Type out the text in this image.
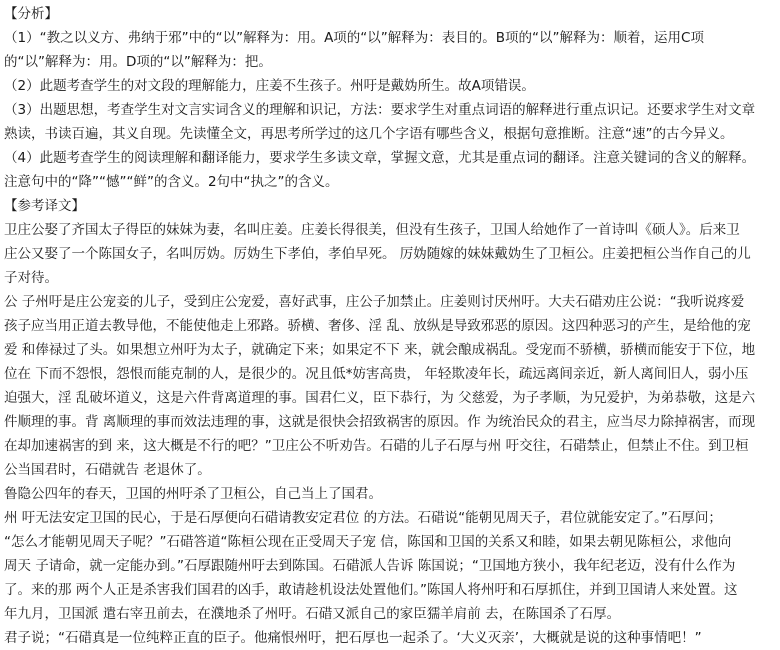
【分析】
（1）“教之以义方、弗纳于邪”中的“以”解释为：用。A项的“以”解释为：表目的。B项的“以”解释为：顺着，运用C项
的“以”解释为：用。D项的“以”解释为：把。
（2）此题考查学生的对文段的理解能力，庄姜不生孩子。州吁是戴妫所生。故A项错误。
（3）出题思想，考查学生对文言实词含义的理解和识记，方法：要求学生对重点词语的解释进行重点识记。还要求学生对文章
熟读，书读百遍，其义自现。先读懂全文，再思考所学过的这几个字语有哪些含义，根据句意推断。注意“速”的古今异义。
（4）此题考查学生的阅读理解和翻译能力，要求学生多读文章，掌握文意，尤其是重点词的翻译。注意关键词的含义的解释。
注意句中的“降”“憾”“鲜”的含义。2句中“执之”的含义。
【参考译文】
卫庄公娶了齐国太子得臣的妹妹为妻，名叫庄姜。庄姜长得很美，但没有生孩子，卫国人给她作了一首诗叫《硕人》。后来卫
庄公又娶了一个陈国女子，名叫厉妫。厉妫生下孝伯，孝伯早死。 厉妫随嫁的妹妹戴妫生了卫桓公。庄姜把桓公当作自己的儿
子对待。
公 子州吁是庄公宠妾的儿子，受到庄公宠爱，喜好武事，庄公子加禁止。庄姜则讨厌州吁。大夫石碏劝庄公说：“我听说疼爱
孩子应当用正道去教导他，不能使他走上邪路。骄横、奢侈、淫 乱、放纵是导致邪恶的原因。这四种恶习的产生，是给他的宠
爱 和俸禄过了头。如果想立州吁为太子，就确定下来；如果定不下 来，就会酿成祸乱。受宠而不骄横，骄横而能安于下位，地
位在 下而不怨恨，怨恨而能克制的人，是很少的。况且低*妨害高贵， 年轻欺凌年长，疏远离间亲近，新人离间旧人，弱小压
迫强大，淫 乱破坏道义，这是六件背离道理的事。国君仁义，臣下恭行，为 父慈爱，为子孝顺，为兄爱护，为弟恭敬，这是六
件顺理的事。背 离顺理的事而效法违理的事，这就是很快会招致祸害的原因。作 为统治民众的君主，应当尽力除掉祸害，而现
在却加速祸害的到 来，这大概是不行的吧？”卫庄公不听劝告。石碏的儿子石厚与州 吁交往，石碏禁止，但禁止不住。到卫桓
公当国君时，石碏就告 老退休了。
鲁隐公四年的春天，卫国的州吁杀了卫桓公，自己当上了国君。
州 吁无法安定卫国的民心，于是石厚便向石碏请教安定君位 的方法。石碏说“能朝见周天子，君位就能安定了。”石厚问；
“怎么才能朝见周天子呢？”石碏答道“陈桓公现在正受周天子宠 信，陈国和卫国的关系又和睦，如果去朝见陈桓公，求他向
周天 子请命，就一定能办到。”石厚跟随州吁去到陈国。石碏派人告诉 陈国说；“卫国地方狭小，我年纪老迈，没有什么作为
了。来的那 两个人正是杀害我们国君的凶手，敢请趁机设法处置他们。”陈国人将州吁和石厚抓住，并到卫国请人来处置。这
年九月，卫国派 遣右宰丑前去，在濮地杀了州吁。石碏又派自己的家臣獳羊肩前 去，在陈国杀了石厚。
君子说；“石碏真是一位纯粹正直的臣子。他痛恨州吁，把石厚也一起杀了。‘大义灭亲’，大概就是说的这种事情吧！”
